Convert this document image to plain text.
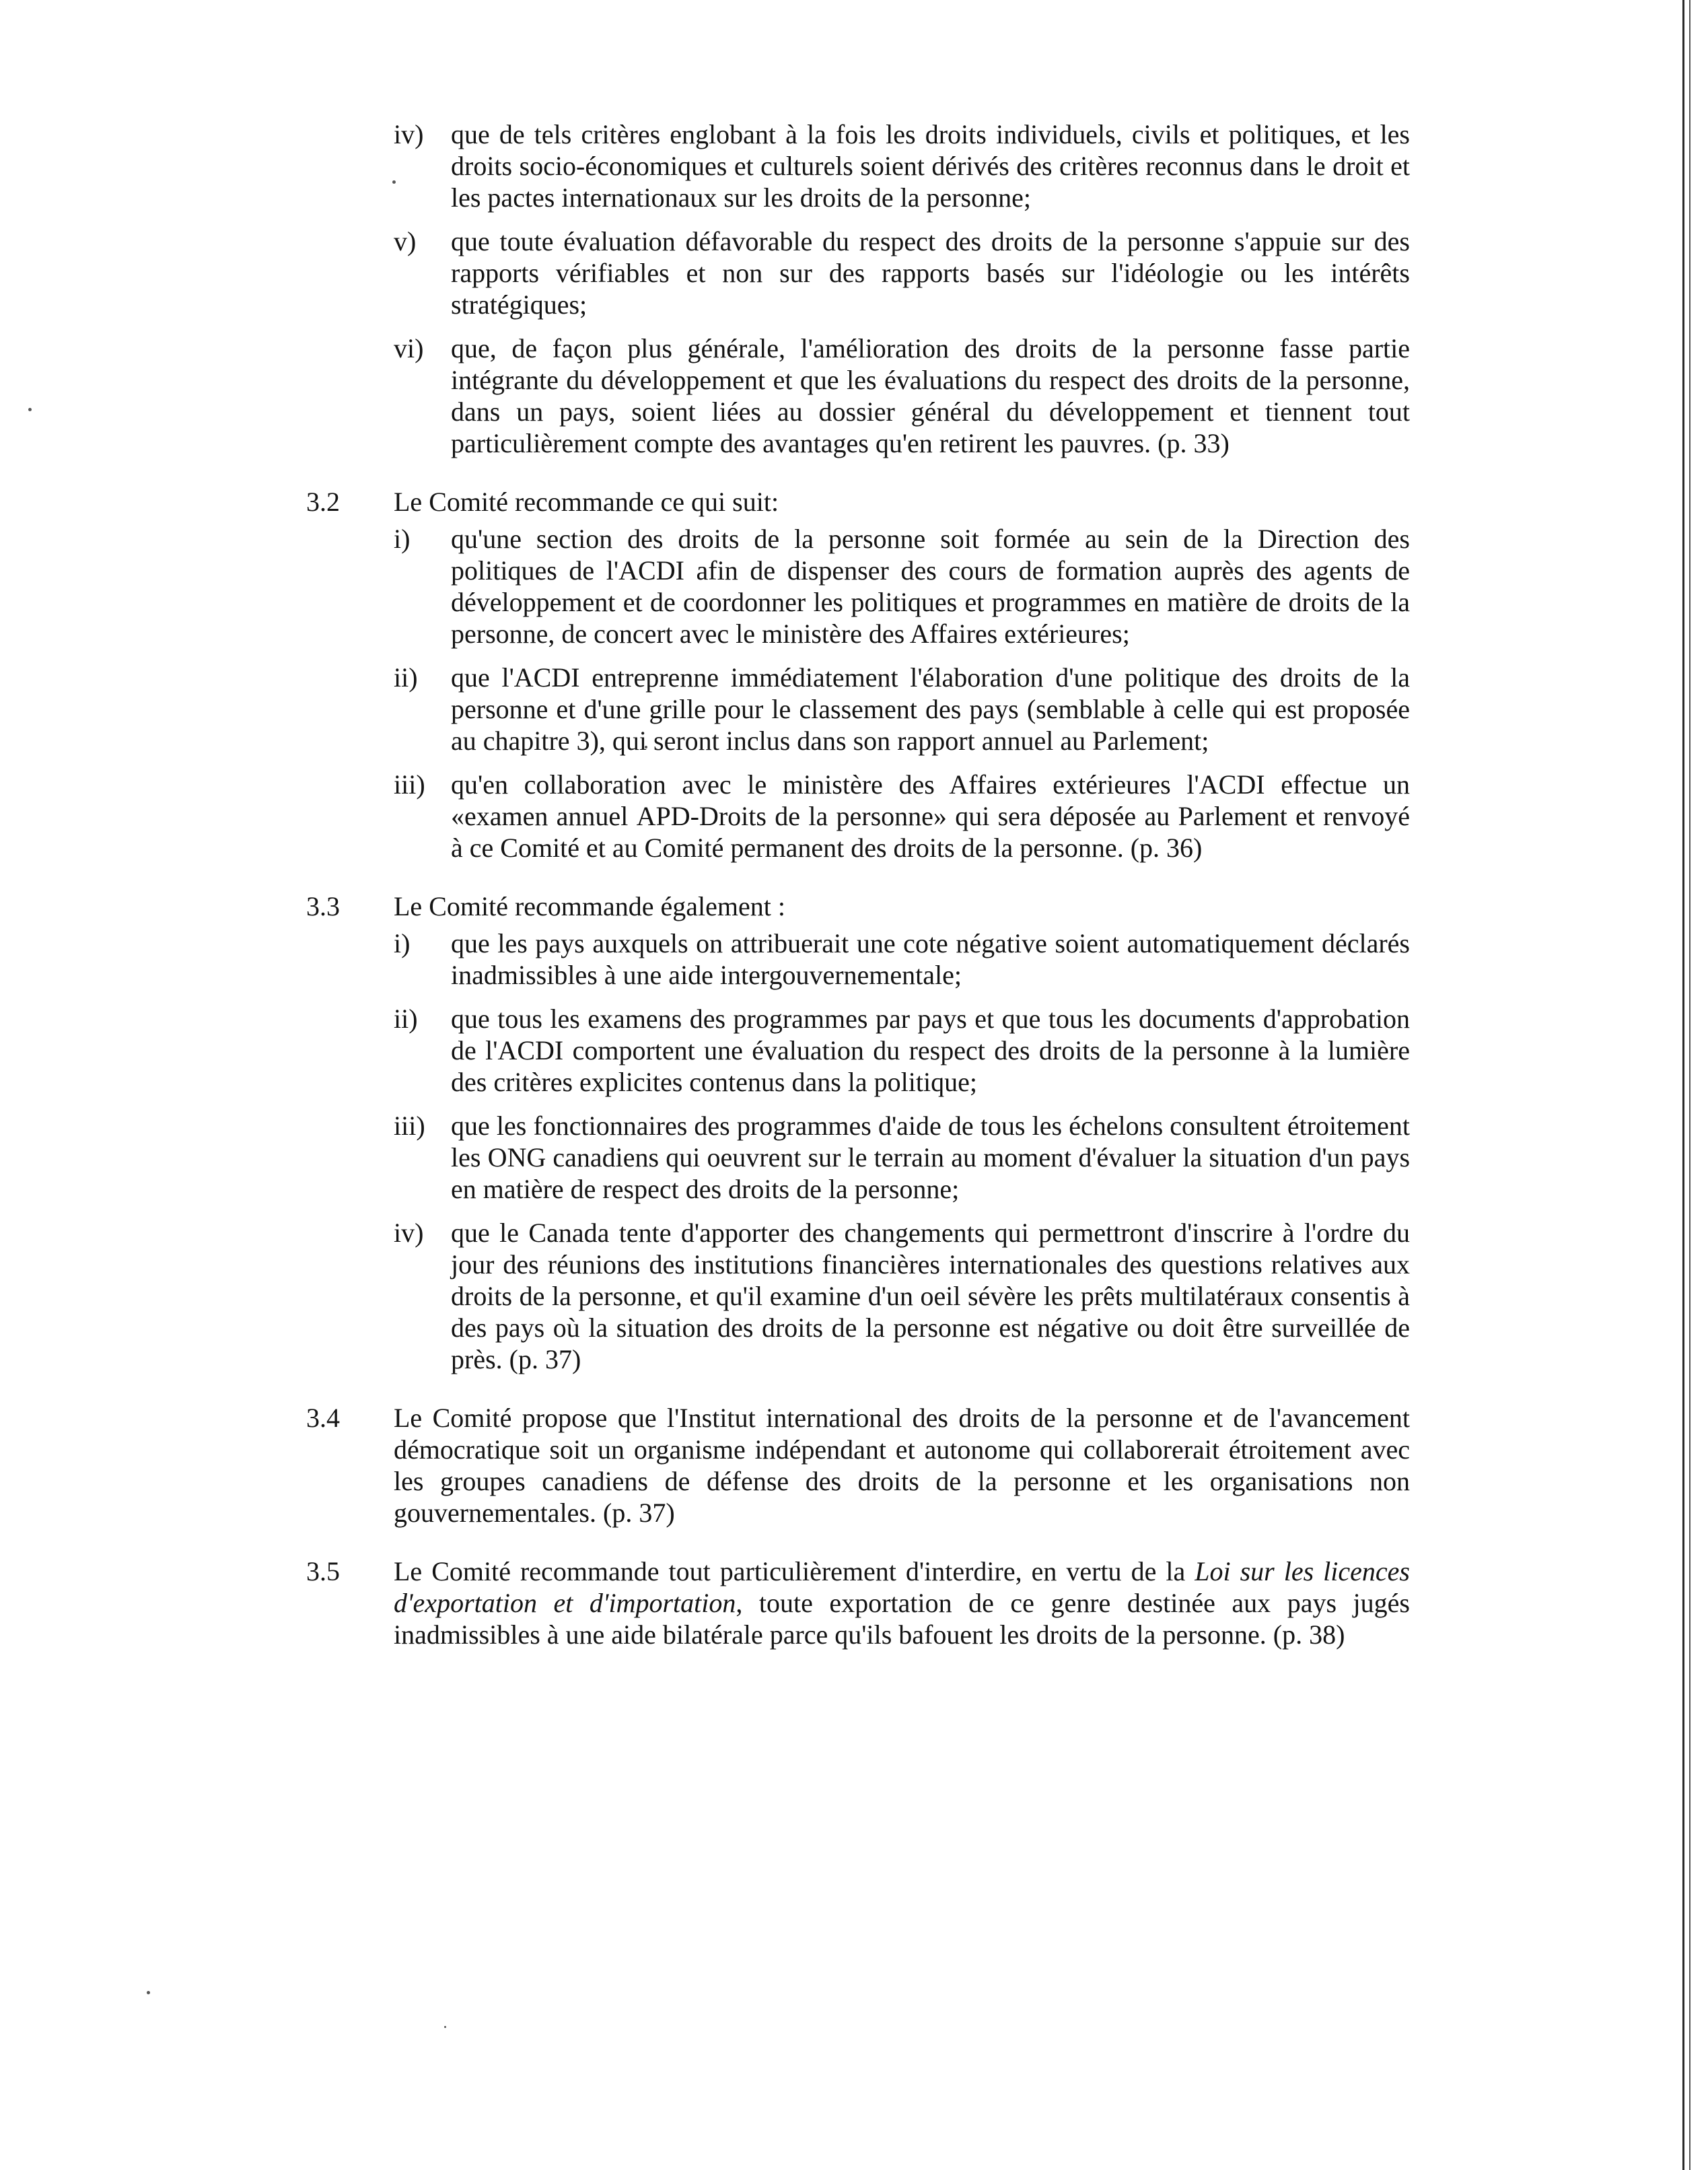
iv) que de tels critères englobant à la fois les droits individuels, civils et politiques, et les droits socio-économiques et culturels soient dérivés des critères reconnus dans le droit et les pactes internationaux sur les droits de la personne;

v) que toute évaluation défavorable du respect des droits de la personne s'appuie sur des rapports vérifiables et non sur des rapports basés sur l'idéologie ou les intérêts stratégiques;

vi) que, de façon plus générale, l'amélioration des droits de la personne fasse partie intégrante du développement et que les évaluations du respect des droits de la personne, dans un pays, soient liées au dossier général du développement et tiennent tout particulièrement compte des avantages qu'en retirent les pauvres. (p. 33)

3.2 Le Comité recommande ce qui suit:

i) qu'une section des droits de la personne soit formée au sein de la Direction des politiques de l'ACDI afin de dispenser des cours de formation auprès des agents de développement et de coordonner les politiques et programmes en matière de droits de la personne, de concert avec le ministère des Affaires extérieures;

ii) que l'ACDI entreprenne immédiatement l'élaboration d'une politique des droits de la personne et d'une grille pour le classement des pays (semblable à celle qui est proposée au chapitre 3), qui seront inclus dans son rapport annuel au Parlement;

iii) qu'en collaboration avec le ministère des Affaires extérieures l'ACDI effectue un «examen annuel APD-Droits de la personne» qui sera déposée au Parlement et renvoyé à ce Comité et au Comité permanent des droits de la personne. (p. 36)

3.3 Le Comité recommande également :

i) que les pays auxquels on attribuerait une cote négative soient automatiquement déclarés inadmissibles à une aide intergouvernementale;

ii) que tous les examens des programmes par pays et que tous les documents d'approbation de l'ACDI comportent une évaluation du respect des droits de la personne à la lumière des critères explicites contenus dans la politique;

iii) que les fonctionnaires des programmes d'aide de tous les échelons consultent étroitement les ONG canadiens qui oeuvrent sur le terrain au moment d'évaluer la situation d'un pays en matière de respect des droits de la personne;

iv) que le Canada tente d'apporter des changements qui permettront d'inscrire à l'ordre du jour des réunions des institutions financières internationales des questions relatives aux droits de la personne, et qu'il examine d'un oeil sévère les prêts multilatéraux consentis à des pays où la situation des droits de la personne est négative ou doit être surveillée de près. (p. 37)

3.4 Le Comité propose que l'Institut international des droits de la personne et de l'avancement démocratique soit un organisme indépendant et autonome qui collaborerait étroitement avec les groupes canadiens de défense des droits de la personne et les organisations non gouvernementales. (p. 37)

3.5 Le Comité recommande tout particulièrement d'interdire, en vertu de la Loi sur les licences d'exportation et d'importation, toute exportation de ce genre destinée aux pays jugés inadmissibles à une aide bilatérale parce qu'ils bafouent les droits de la personne. (p. 38)
